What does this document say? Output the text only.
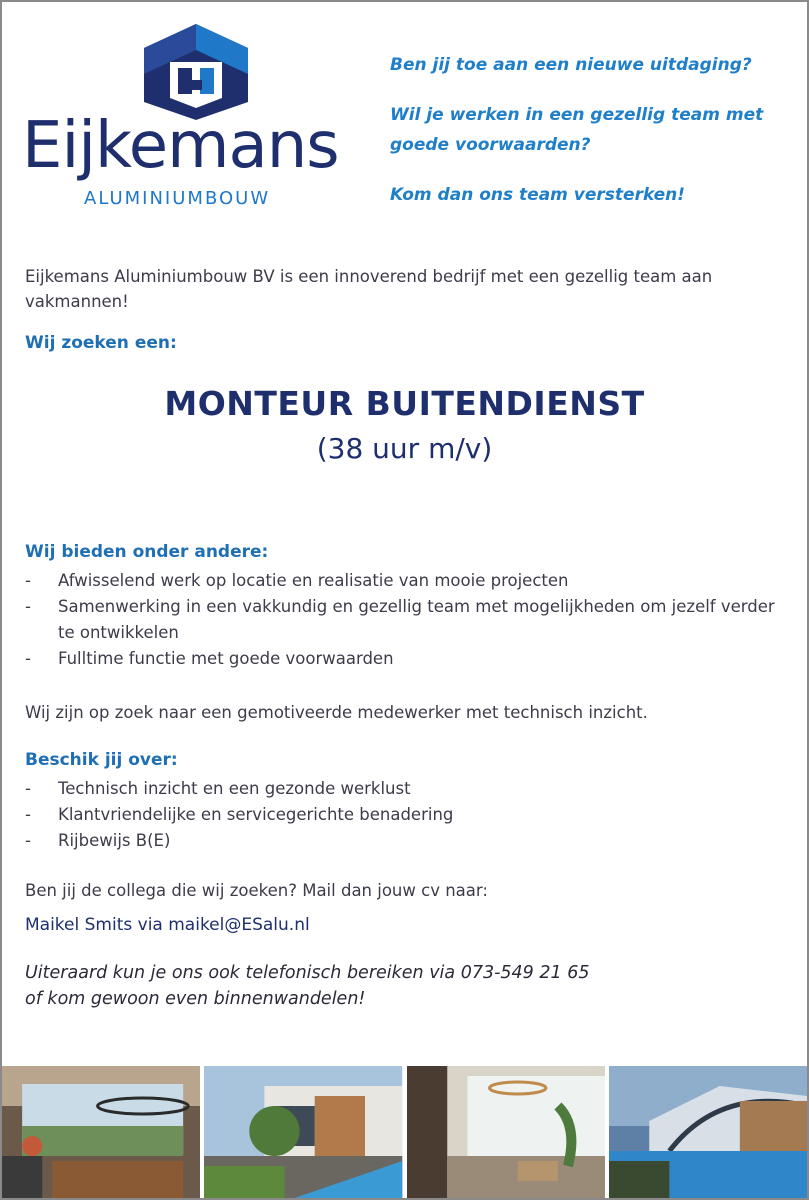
Eijkemans
ALUMINIUMBOUW
Ben jij toe aan een nieuwe uitdaging?
Wil je werken in een gezellig team met goede voorwaarden?
Kom dan ons team versterken!

Eijkemans Aluminiumbouw BV is een innoverend bedrijf met een gezellig team aan vakmannen!

Wij zoeken een:
MONTEUR BUITENDIENST
(38 uur m/v)
Wij bieden onder andere:
- Afwisselend werk op locatie en realisatie van mooie projecten
- Samenwerking in een vakkundig en gezellig team met mogelijkheden om jezelf verder te ontwikkelen
- Fulltime functie met goede voorwaarden

Wij zijn op zoek naar een gemotiveerde medewerker met technisch inzicht.

Beschik jij over:
- Technisch inzicht en een gezonde werklust
- Klantvriendelijke en servicegerichte benadering
- Rijbewijs B(E)

Ben jij de collega die wij zoeken? Mail dan jouw cv naar:

Maikel Smits via maikel@ESalu.nl

Uiteraard kun je ons ook telefonisch bereiken via 073-549 21 65
of kom gewoon even binnenwandelen!
